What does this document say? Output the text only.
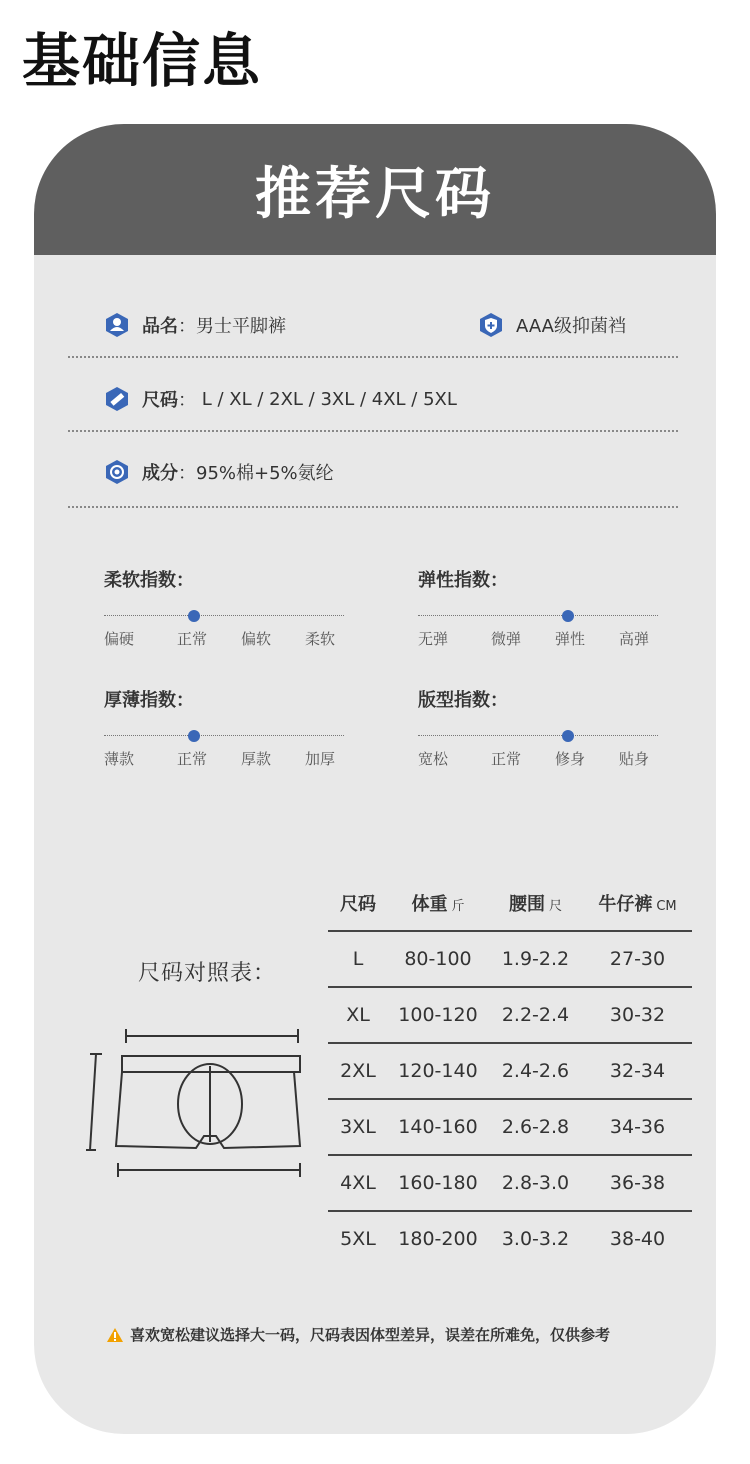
基础信息
推荐尺码
品名 ： 男士平脚裤	AAA级抑菌裆
尺码 ： L / XL / 2XL / 3XL / 4XL / 5XL
成分 ： 95%棉+5%氨纶
柔软指数：
偏硬	正常	偏软	柔软
弹性指数：
无弹	微弹	弹性	高弹
厚薄指数：
薄款	正常	厚款	加厚
版型指数：
宽松	正常	修身	贴身
尺码对照表：
尺码	体重 斤	腰围 尺	牛仔裤 CM
L	80-100	1.9-2.2	27-30
XL	100-120	2.2-2.4	30-32
2XL	120-140	2.4-2.6	32-34
3XL	140-160	2.6-2.8	34-36
4XL	160-180	2.8-3.0	36-38
5XL	180-200	3.0-3.2	38-40
喜欢宽松建议选择大一码，尺码表因体型差异，误差在所难免，仅供参考
